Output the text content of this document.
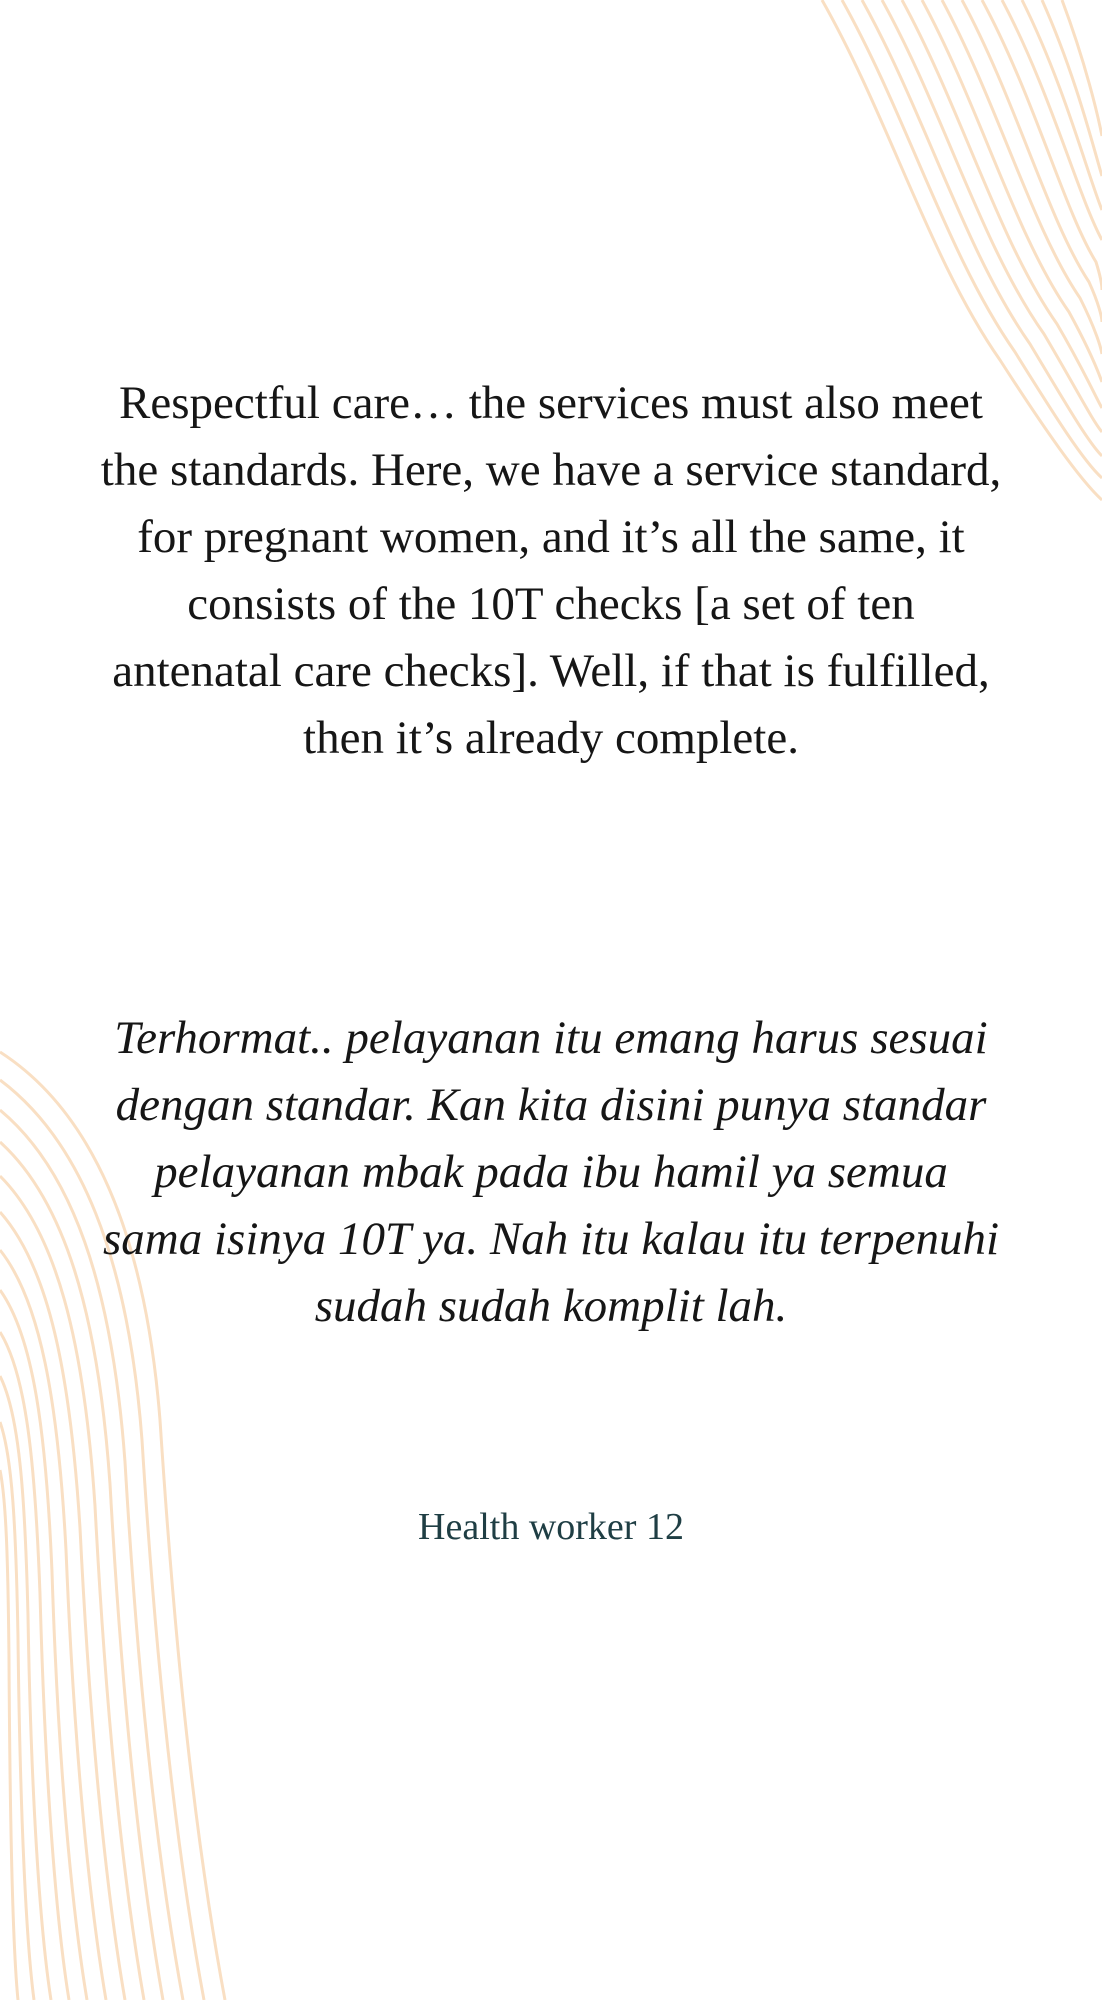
Respectful care… the services must also meet the standards. Here, we have a service standard, for pregnant women, and it’s all the same, it consists of the 10T checks [a set of ten antenatal care checks]. Well, if that is fulfilled, then it’s already complete.

Terhormat.. pelayanan itu emang harus sesuai dengan standar. Kan kita disini punya standar pelayanan mbak pada ibu hamil ya semua sama isinya 10T ya. Nah itu kalau itu terpenuhi sudah sudah komplit lah.

Health worker 12
